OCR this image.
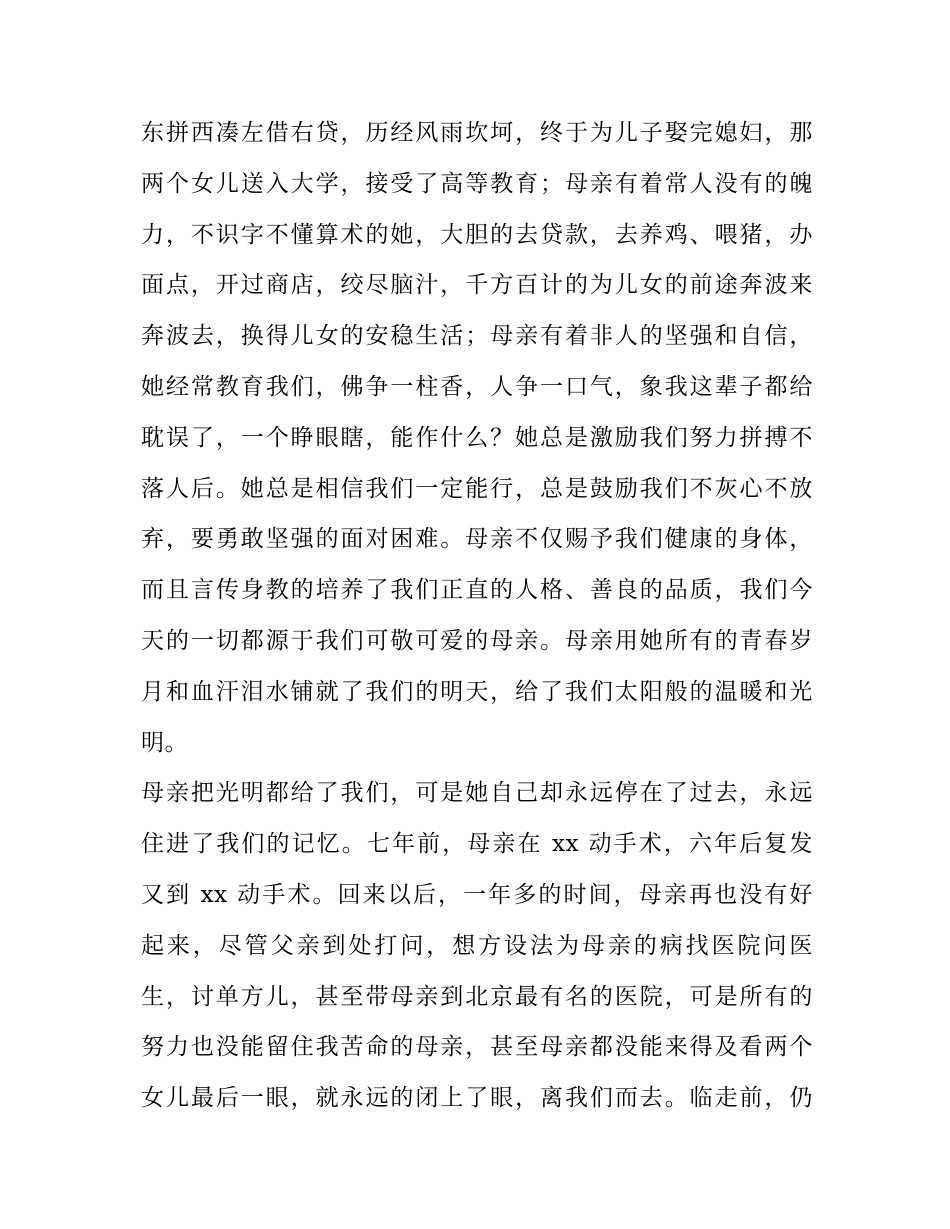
东拼西凑左借右贷，历经风雨坎坷，终于为儿子娶完媳妇，那
两个女儿送入大学，接受了高等教育；母亲有着常人没有的魄
力，不识字不懂算术的她，大胆的去贷款，去养鸡、喂猪，办
面点，开过商店，绞尽脑汁，千方百计的为儿女的前途奔波来
奔波去，换得儿女的安稳生活；母亲有着非人的坚强和自信，
她经常教育我们，佛争一柱香，人争一口气，象我这辈子都给
耽误了，一个睁眼瞎，能作什么？她总是激励我们努力拼搏不
落人后。她总是相信我们一定能行，总是鼓励我们不灰心不放
弃，要勇敢坚强的面对困难。母亲不仅赐予我们健康的身体，
而且言传身教的培养了我们正直的人格、善良的品质，我们今
天的一切都源于我们可敬可爱的母亲。母亲用她所有的青春岁
月和血汗泪水铺就了我们的明天，给了我们太阳般的温暖和光
明。
母亲把光明都给了我们，可是她自己却永远停在了过去，永远
住进了我们的记忆。七年前，母亲在 xx 动手术，六年后复发
又到 xx 动手术。回来以后，一年多的时间，母亲再也没有好
起来，尽管父亲到处打问，想方设法为母亲的病找医院问医
生，讨单方儿，甚至带母亲到北京最有名的医院，可是所有的
努力也没能留住我苦命的母亲，甚至母亲都没能来得及看两个
女儿最后一眼，就永远的闭上了眼，离我们而去。临走前，仍
